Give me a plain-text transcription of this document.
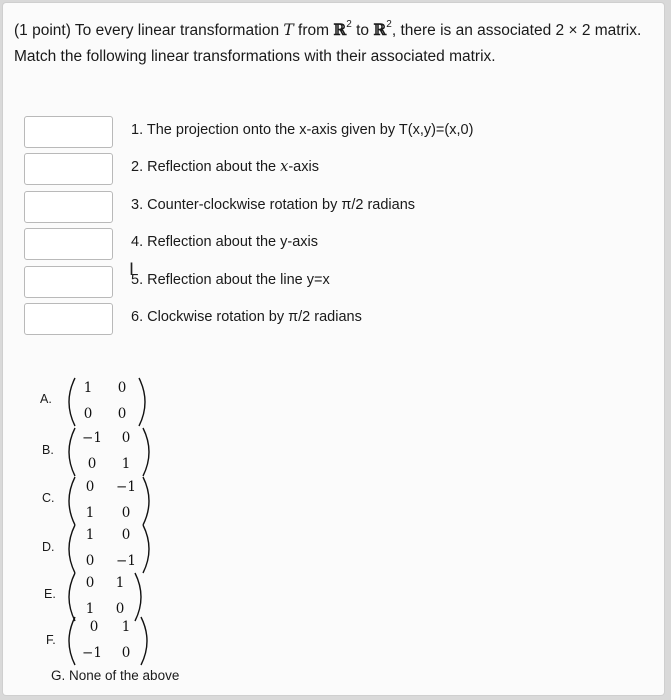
(1 point) To every linear transformation T from ℝ$^2$ to ℝ$^2$, there is an associated 2 × 2 matrix. Match the following linear transformations with their associated matrix.
1. The projection onto the x-axis given by T(x,y)=(x,0)
2. Reflection about the x-axis
3. Counter-clockwise rotation by π/2 radians
4. Reflection about the y-axis
5. Reflection about the line y=x
I
6. Clockwise rotation by π/2 radians
A.
1	0
0	0
B.
−1	0
0	1
C.
0	−1
1	0
D.
1	0
0	−1
E.
0	1
1	0
F.
0	1
−1	0
G. None of the above
